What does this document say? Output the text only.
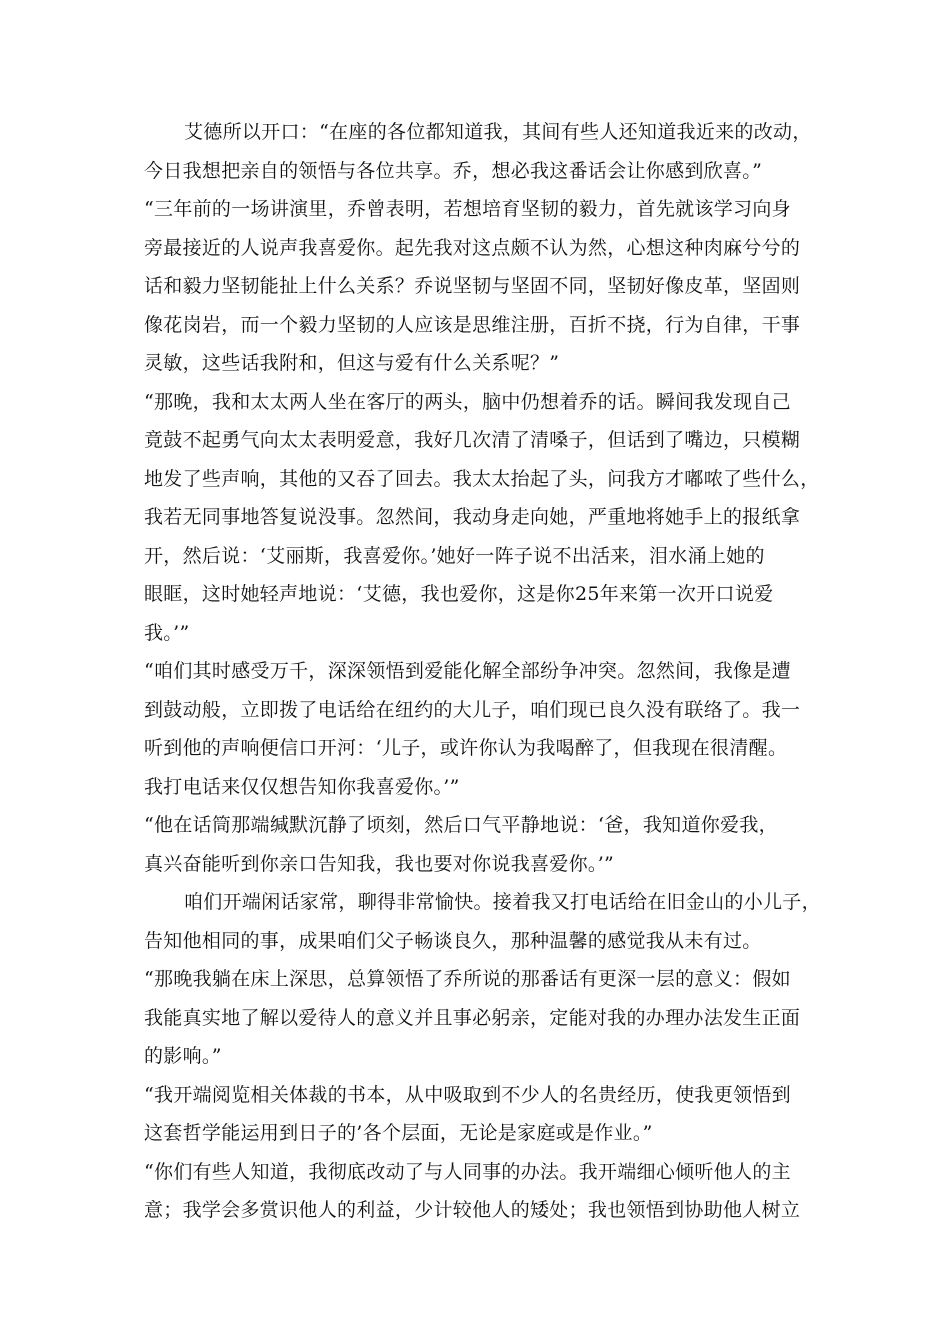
艾德所以开口：“在座的各位都知道我，其间有些人还知道我近来的改动，
今日我想把亲自的领悟与各位共享。乔，想必我这番话会让你感到欣喜。”
“三年前的一场讲演里，乔曾表明，若想培育坚韧的毅力，首先就该学习向身
旁最接近的人说声我喜爱你。起先我对这点颇不认为然，心想这种肉麻兮兮的
话和毅力坚韧能扯上什么关系？乔说坚韧与坚固不同，坚韧好像皮革，坚固则
像花岗岩，而一个毅力坚韧的人应该是思维注册，百折不挠，行为自律，干事
灵敏，这些话我附和，但这与爱有什么关系呢？”
“那晚，我和太太两人坐在客厅的两头，脑中仍想着乔的话。瞬间我发现自己
竟鼓不起勇气向太太表明爱意，我好几次清了清嗓子，但话到了嘴边，只模糊
地发了些声响，其他的又吞了回去。我太太抬起了头，问我方才嘟哝了些什么，
我若无同事地答复说没事。忽然间，我动身走向她，严重地将她手上的报纸拿
开，然后说：‘艾丽斯，我喜爱你。’她好一阵子说不出活来，泪水涌上她的
眼眶，这时她轻声地说：‘艾德，我也爱你，这是你25年来第一次开口说爱
我。’”
“咱们其时感受万千，深深领悟到爱能化解全部纷争冲突。忽然间，我像是遭
到鼓动般，立即拨了电话给在纽约的大儿子，咱们现已良久没有联络了。我一
听到他的声响便信口开河：‘儿子，或许你认为我喝醉了，但我现在很清醒。
我打电话来仅仅想告知你我喜爱你。’”
“他在话筒那端缄默沉静了顷刻，然后口气平静地说：‘爸，我知道你爱我，
真兴奋能听到你亲口告知我，我也要对你说我喜爱你。’”
咱们开端闲话家常，聊得非常愉快。接着我又打电话给在旧金山的小儿子，
告知他相同的事，成果咱们父子畅谈良久，那种温馨的感觉我从未有过。
“那晚我躺在床上深思，总算领悟了乔所说的那番话有更深一层的意义：假如
我能真实地了解以爱待人的意义并且事必躬亲，定能对我的办理办法发生正面
的影响。”
“我开端阅览相关体裁的书本，从中吸取到不少人的名贵经历，使我更领悟到
这套哲学能运用到日子的’各个层面，无论是家庭或是作业。”
“你们有些人知道，我彻底改动了与人同事的办法。我开端细心倾听他人的主
意；我学会多赏识他人的利益，少计较他人的矮处；我也领悟到协助他人树立
